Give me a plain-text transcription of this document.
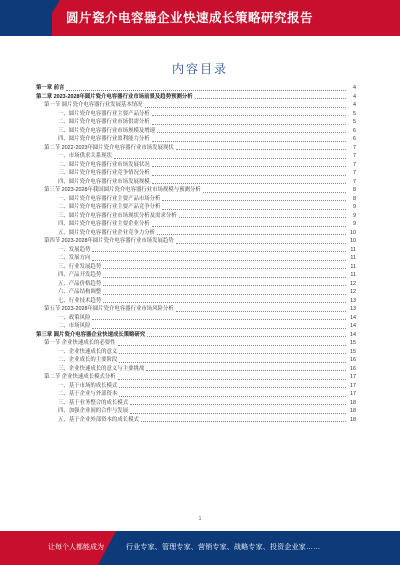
圆片瓷介电容器企业快速成长策略研究报告
内容目录
第一章 前言	4
第二章 2023-2028年圆片瓷介电容器行业市场前景及趋势预测分析	4
第一节 圆片瓷介电容器行业发展基本情况	4
一、圆片瓷介电容器行业主要产品分析	5
二、圆片瓷介电容器行业市场供需分析	5
三、圆片瓷介电容器行业市场规模及增速	6
四、圆片瓷介电容器行业盈利能力分析	6
第二节 2022-2023年圆片瓷介电容器行业市场发展现状	7
一、市场供求关系现状	7
二、圆片瓷介电容器行业市场发展状况	7
三、圆片瓷介电容器行业竞争情况分析	7
四、圆片瓷介电容器行业市场发展规模	7
第三节 2023-2028年我国圆片瓷介电容器行业市场规模与预测分析	8
一、圆片瓷介电容器行业主要产品市场分析	8
二、圆片瓷介电容器行业主要产品竞争分析	9
三、圆片瓷介电容器行业市场现状分析及需求分析	9
四、圆片瓷介电容器行业主要企业分析	9
五、圆片瓷介电容器行业企业竞争力分析	10
第四节 2023-2028年圆片瓷介电容器行业市场发展趋势	10
一、发展趋势	11
二、发展方向	11
三、行业发展趋势	11
四、产品开发趋势	11
五、产品价格趋势	12
六、产品结构调整	12
七、行业技术趋势	13
第五节 2023-2028年圆片瓷介电容器行业市场风险分析	13
一、政策风险	14
二、市场风险	14
第三章 圆片瓷介电容器企业快速成长策略研究	14
第一节 企业快速成长的必要性	15
一、企业快速成长的意义	15
二、企业成长的主要阶段	16
三、企业快速成长的意义与主要挑战	16
第二节 企业快速成长模式分析	17
一、基于市场的成长模式	17
二、基于企业与外部资本	17
三、基于业务整合的成长模式	18
四、加强企业间的合作与发展	18
五、基于企业外部资本的成长模式	18
1
让每个人都能成为	行业专家、管理专家、营销专家、战略专家、投资企业家……
